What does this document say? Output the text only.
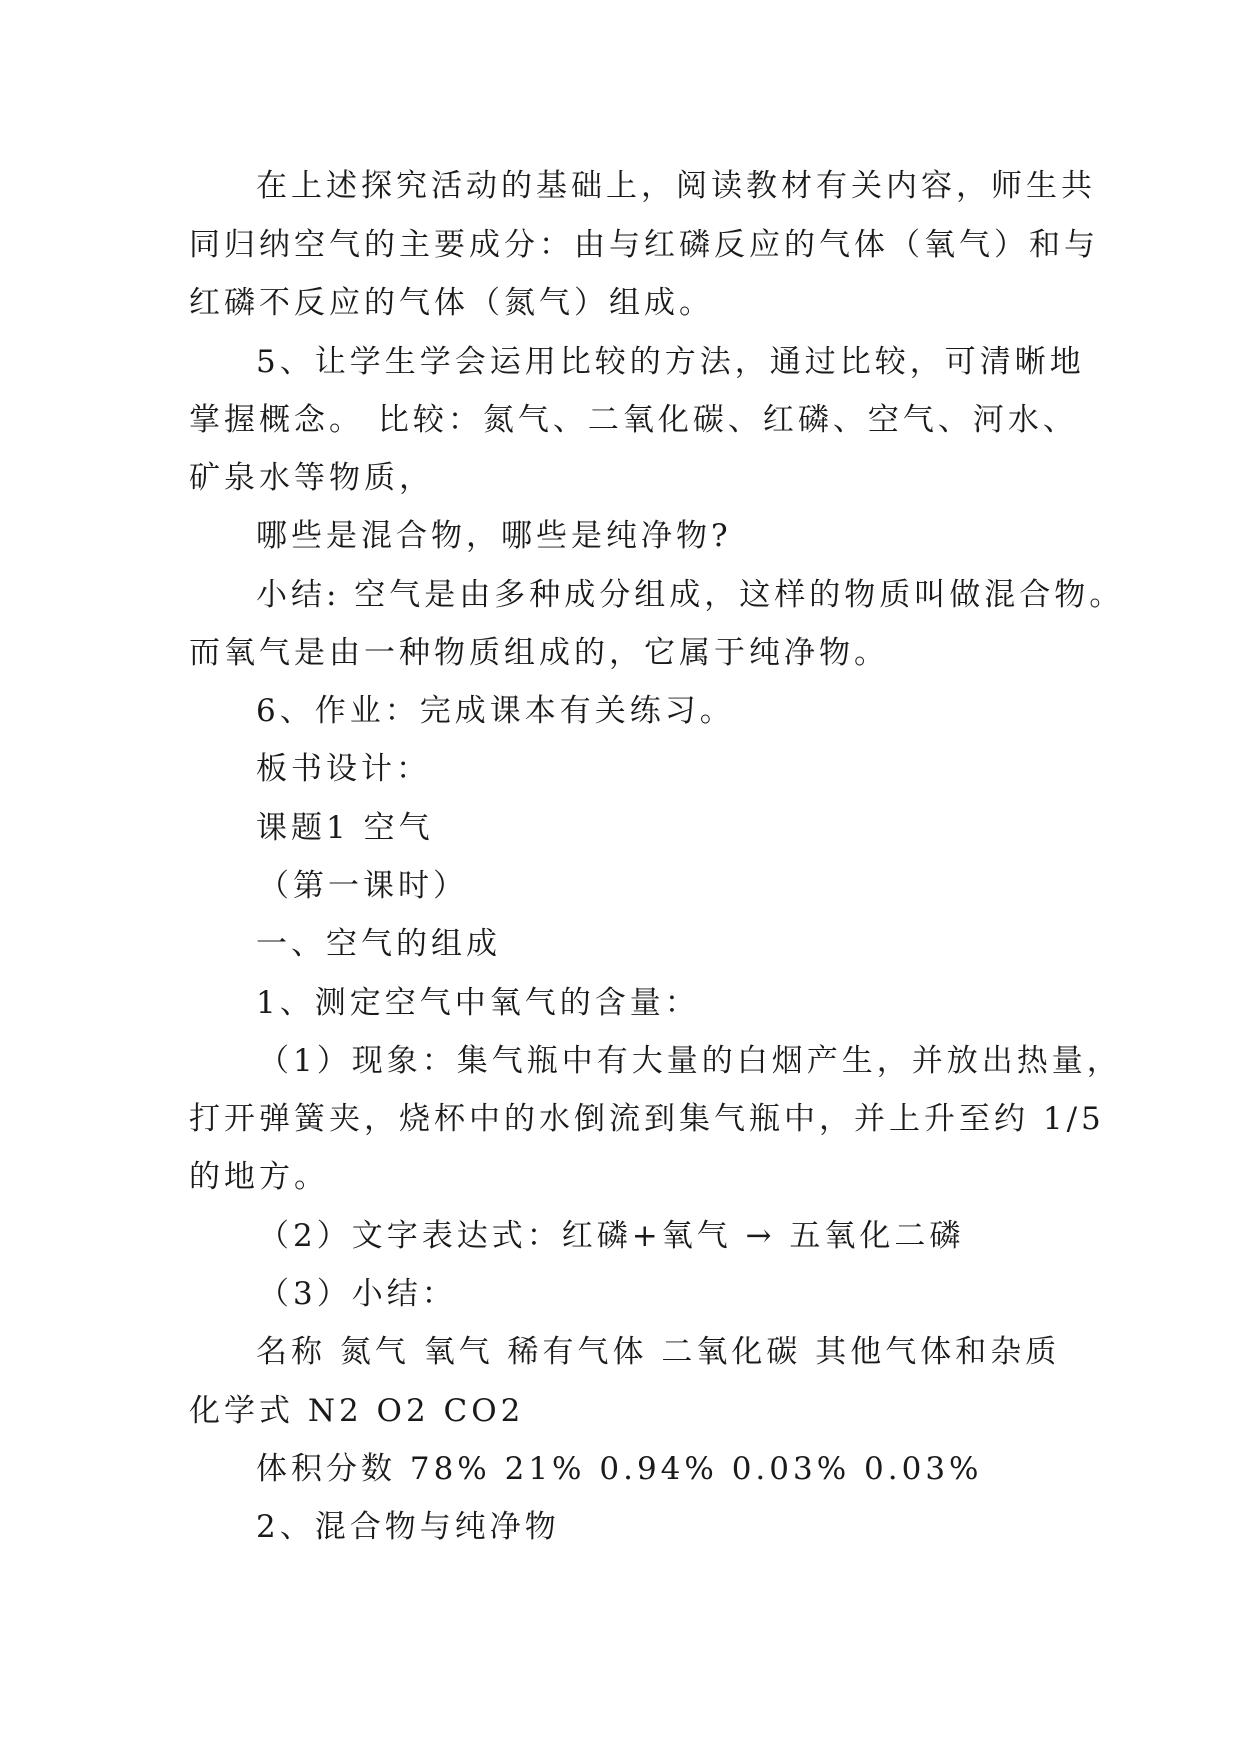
在上述探究活动的基础上，阅读教材有关内容，师生共
同归纳空气的主要成分：由与红磷反应的气体（氧气）和与
红磷不反应的气体（氮气）组成。
5、让学生学会运用比较的方法，通过比较，可清晰地
掌握概念。 比较：氮气、二氧化碳、红磷、空气、河水、
矿泉水等物质，
哪些是混合物，哪些是纯净物?
小结: 空气是由多种成分组成，这样的物质叫做混合物。
而氧气是由一种物质组成的，它属于纯净物。
6、作业：完成课本有关练习。
板书设计：
课题1 空气
（第一课时）
一、空气的组成
1、测定空气中氧气的含量：
（1）现象：集气瓶中有大量的白烟产生，并放出热量，
打开弹簧夹，烧杯中的水倒流到集气瓶中，并上升至约 1/5
的地方。
（2）文字表达式：红磷+氧气 → 五氧化二磷
（3）小结：
名称 氮气 氧气 稀有气体 二氧化碳 其他气体和杂质
化学式 N2 O2 CO2
体积分数 78% 21% 0.94% 0.03% 0.03%
2、混合物与纯净物
